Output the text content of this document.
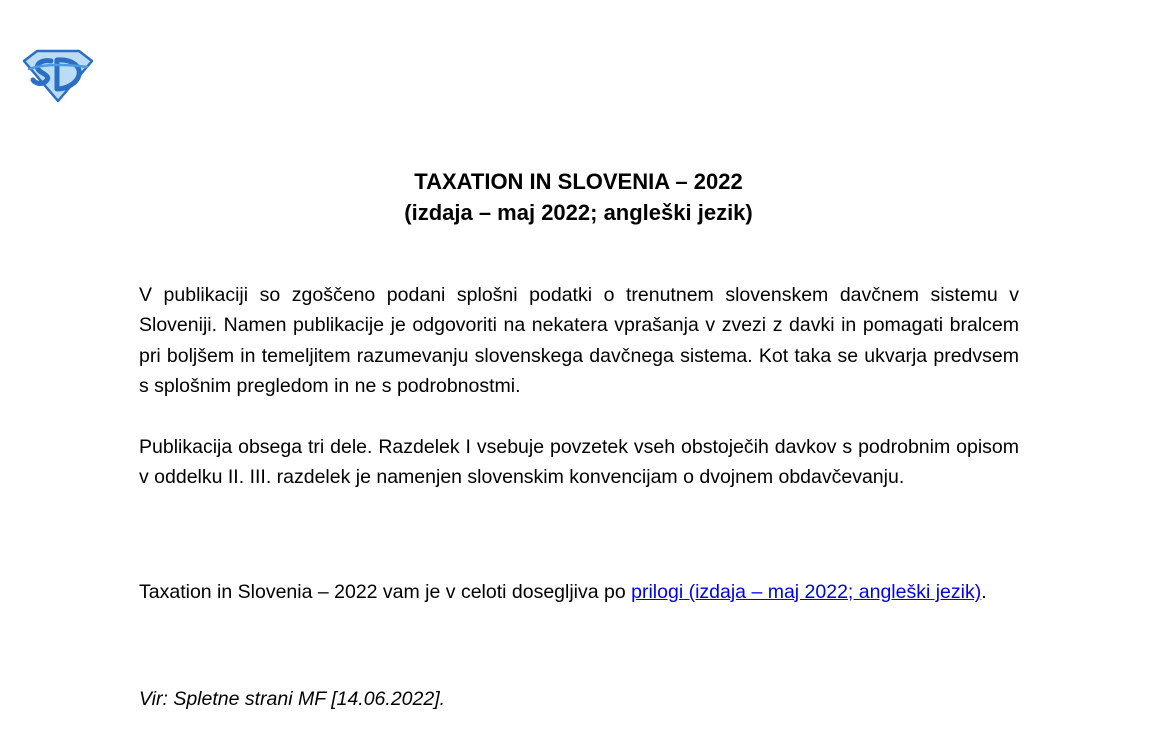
TAXATION IN SLOVENIA – 2022
(izdaja – maj 2022; angleški jezik)
V publikaciji so zgoščeno podani splošni podatki o trenutnem slovenskem davčnem sistemu v Sloveniji. Namen publikacije je odgovoriti na nekatera vprašanja v zvezi z davki in pomagati bralcem pri boljšem in temeljitem razumevanju slovenskega davčnega sistema. Kot taka se ukvarja predvsem s splošnim pregledom in ne s podrobnostmi.
Publikacija obsega tri dele. Razdelek I vsebuje povzetek vseh obstoječih davkov s podrobnim opisom v oddelku II. III. razdelek je namenjen slovenskim konvencijam o dvojnem obdavčevanju.
Taxation in Slovenia – 2022 vam je v celoti dosegljiva po prilogi (izdaja – maj 2022; angleški jezik).
Vir: Spletne strani MF [14.06.2022].
